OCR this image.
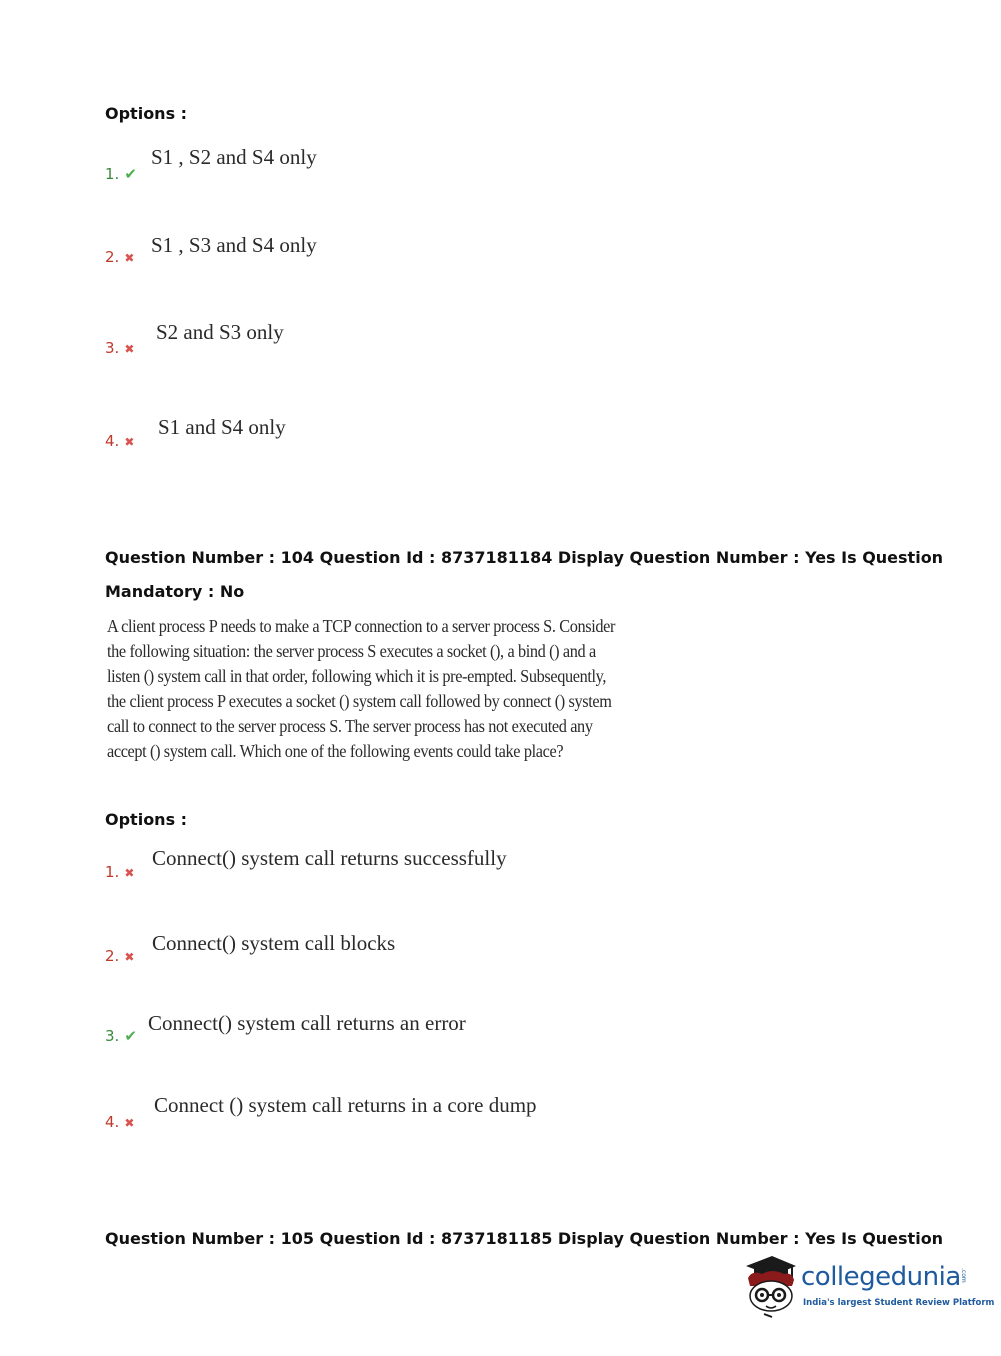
Options :
1. ✔
S1 , S2 and S4 only
2. ✖
S1 , S3 and S4 only
3. ✖
S2 and S3 only
4. ✖
S1 and S4 only
Question Number : 104 Question Id : 8737181184 Display Question Number : Yes Is Question
Mandatory : No
A client process P needs to make a TCP connection to a server process S. Consider
the following situation: the server process S executes a socket (), a bind () and a
listen () system call in that order, following which it is pre-empted. Subsequently,
the client process P executes a socket () system call followed by connect () system
call to connect to the server process S. The server process has not executed any
accept () system call. Which one of the following events could take place?
Options :
1. ✖
Connect() system call returns successfully
2. ✖
Connect() system call blocks
3. ✔
Connect() system call returns an error
4. ✖
Connect () system call returns in a core dump
Question Number : 105 Question Id : 8737181185 Display Question Number : Yes Is Question
collegedunia .com
India's largest Student Review Platform
